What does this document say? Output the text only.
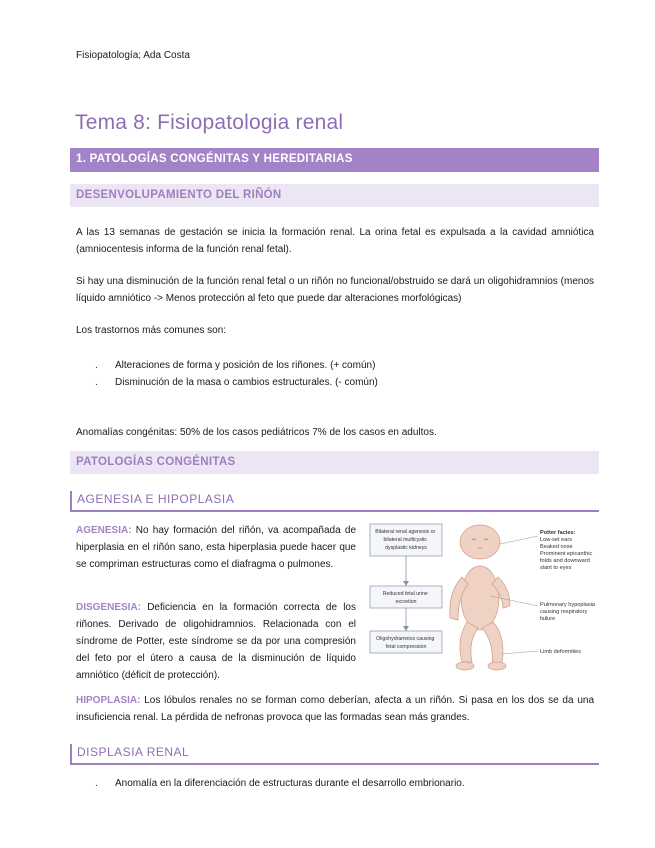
Fisiopatología; Ada Costa
Tema 8: Fisiopatologia renal
1. PATOLOGÍAS CONGÉNITAS Y HEREDITARIAS
DESENVOLUPAMIENTO DEL RIÑÓN
A las 13 semanas de gestación se inicia la formación renal. La orina fetal es expulsada a la cavidad amniótica (amniocentesis informa de la función renal fetal).
Si hay una disminución de la función renal fetal o un riñón no funcional/obstruido se dará un oligohidramnios (menos líquido amniótico -> Menos protección al feto que puede dar alteraciones morfológicas)
Los trastornos más comunes son:
. Alteraciones de forma y posición de los riñones. (+ común)
. Disminución de la masa o cambios estructurales. (- común)
Anomalías congénitas: 50% de los casos pediátricos 7% de los casos en adultos.
PATOLOGÍAS CONGÉNITAS
AGENESIA E HIPOPLASIA
AGENESIA: No hay formación del riñón, va acompañada de hiperplasia en el riñón sano, esta hiperplasia puede hacer que se compriman estructuras como el diafragma o pulmones.
DISGENESIA: Deficiencia en la formación correcta de los riñones. Derivado de oligohidramnios. Relacionada con el síndrome de Potter, este síndrome se da por una compresión del feto por el útero a causa de la disminución de líquido amniótico (déficit de protección).
Bilateral renal agenesis or bilateral multicystic dysplastic kidneys
Reduced fetal urine excretion
Oligohydramnios causing fetal compression
Potter facies: Low-set ears Beaked nose Prominent epicanthic folds and downward slant to eyes
Pulmonary hypoplasia causing respiratory failure
Limb deformities
HIPOPLASIA: Los lóbulos renales no se forman como deberían, afecta a un riñón. Si pasa en los dos se da una insuficiencia renal. La pérdida de nefronas provoca que las formadas sean más grandes.
DISPLASIA RENAL
. Anomalía en la diferenciación de estructuras durante el desarrollo embrionario.
